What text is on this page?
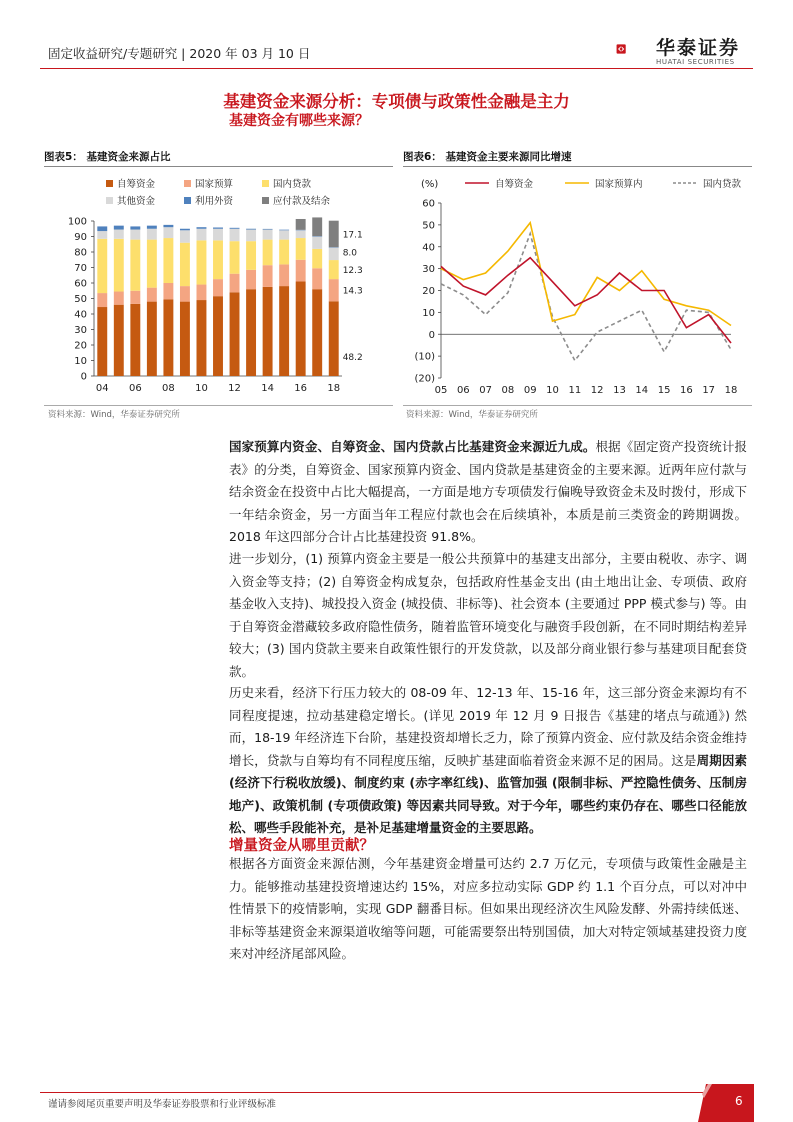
固定收益研究/专题研究 | 2020 年 03 月 10 日	华泰证券
HUATAI SECURITIES
基建资金来源分析：专项债与政策性金融是主力
基建资金有哪些来源？
图表5： 基建资金来源占比
自筹资金	国家预算	国内贷款
其他资金	利用外资	应付款及结余
0
10
20
30
40
50
60
70
80
90
100
04 06 08 10 12 14 16 18
17.1
8.0
12.3
14.3
48.2
资料来源：Wind，华泰证券研究所
图表6： 基建资金主要来源同比增速
(%)	自筹资金	国家预算内	国内贷款
(20)
(10)
0
10
20
30
40
50
60
05 06 07 08 09 10 11 12 13 14 15 16 17 18
资料来源：Wind，华泰证券研究所
国家预算内资金、自筹资金、国内贷款占比基建资金来源近九成。根据《固定资产投资统计报表》的分类，自筹资金、国家预算内资金、国内贷款是基建资金的主要来源。近两年应付款与结余资金在投资中占比大幅提高，一方面是地方专项债发行偏晚导致资金未及时拨付，形成下一年结余资金，另一方面当年工程应付款也会在后续填补，本质是前三类资金的跨期调拨。2018 年这四部分合计占比基建投资 91.8%。
进一步划分，(1) 预算内资金主要是一般公共预算中的基建支出部分，主要由税收、赤字、调入资金等支持；(2) 自筹资金构成复杂，包括政府性基金支出 (由土地出让金、专项债、政府基金收入支持)、城投投入资金 (城投债、非标等)、社会资本 (主要通过 PPP 模式参与) 等。由于自筹资金潜藏较多政府隐性债务，随着监管环境变化与融资手段创新，在不同时期结构差异较大；(3) 国内贷款主要来自政策性银行的开发贷款，以及部分商业银行参与基建项目配套贷款。
历史来看，经济下行压力较大的 08-09 年、12-13 年、15-16 年，这三部分资金来源均有不同程度提速，拉动基建稳定增长。(详见 2019 年 12 月 9 日报告《基建的堵点与疏通》) 然而，18-19 年经济连下台阶，基建投资却增长乏力，除了预算内资金、应付款及结余资金维持增长，贷款与自筹均有不同程度压缩，反映扩基建面临着资金来源不足的困局。这是周期因素 (经济下行税收放缓)、制度约束 (赤字率红线)、监管加强 (限制非标、严控隐性债务、压制房地产)、政策机制 (专项债政策) 等因素共同导致。对于今年，哪些约束仍存在、哪些口径能放松、哪些手段能补充，是补足基建增量资金的主要思路。
增量资金从哪里贡献？
根据各方面资金来源估测，今年基建资金增量可达约 2.7 万亿元，专项债与政策性金融是主力。能够推动基建投资增速达约 15%，对应多拉动实际 GDP 约 1.1 个百分点，可以对冲中性情景下的疫情影响，实现 GDP 翻番目标。但如果出现经济次生风险发酵、外需持续低迷、非标等基建资金来源渠道收缩等问题，可能需要祭出特别国债，加大对特定领域基建投资力度来对冲经济尾部风险。
谨请参阅尾页重要声明及华泰证券股票和行业评级标准	6
